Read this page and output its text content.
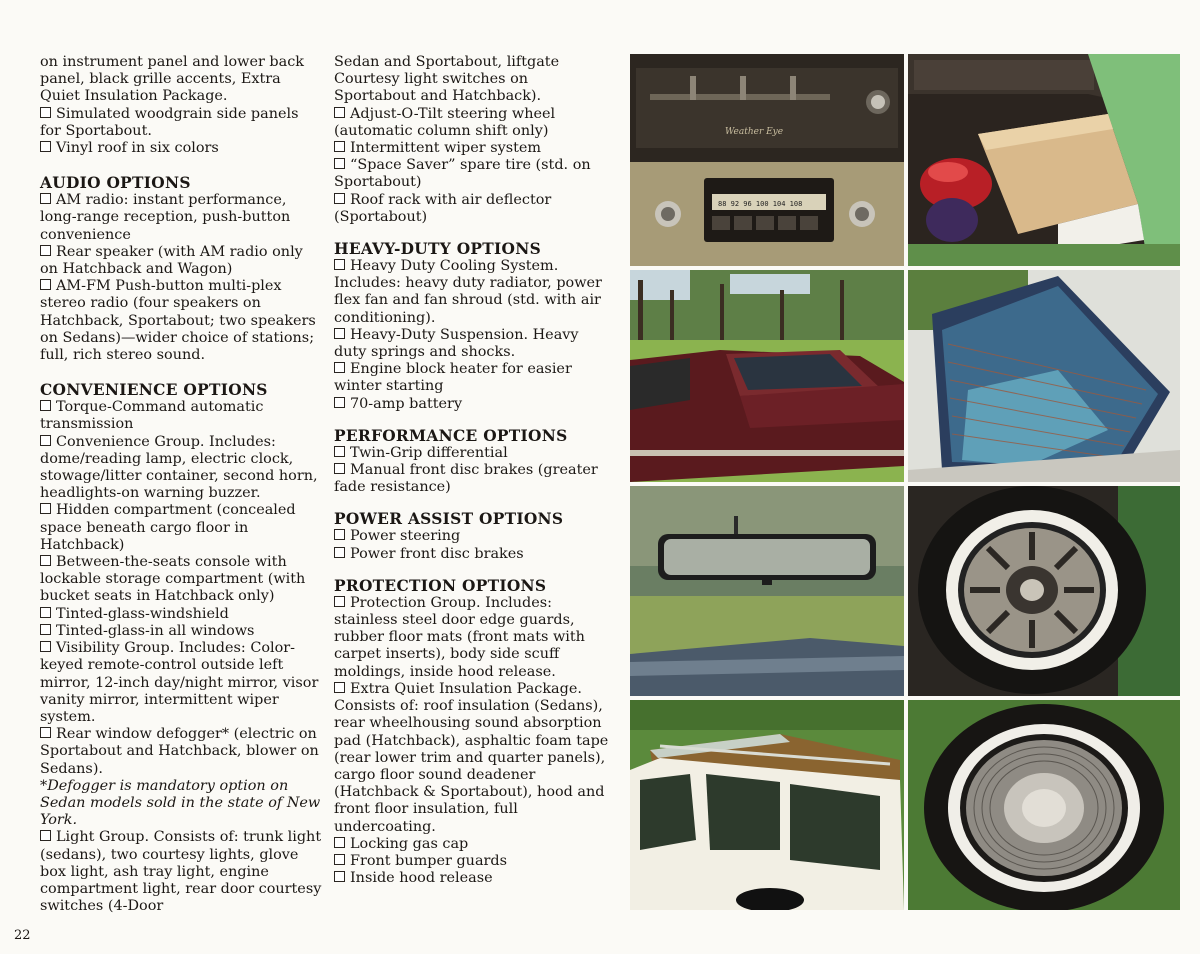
on instrument panel and lower back panel, black grille accents, Extra Quiet Insulation Package.

Simulated woodgrain side panels for Sportabout.

Vinyl roof in six colors

AUDIO OPTIONS

AM radio: instant performance, long-range reception, push-button convenience

Rear speaker (with AM radio only on Hatchback and Wagon)

AM-FM Push-button multi-plex stereo radio (four speakers on Hatchback, Sportabout; two speakers on Sedans)—wider choice of stations; full, rich stereo sound.

CONVENIENCE OPTIONS

Torque-Command automatic transmission

Convenience Group. Includes: dome/reading lamp, electric clock, stowage/litter container, second horn, headlights-on warning buzzer.

Hidden compartment (concealed space beneath cargo floor in Hatchback)

Between-the-seats console with lockable storage compartment (with bucket seats in Hatchback only)

Tinted-glass-windshield

Tinted-glass-in all windows

Visibility Group. Includes: Color-keyed remote-control outside left mirror, 12-inch day/night mirror, visor vanity mirror, intermittent wiper system.

Rear window defogger* (electric on Sportabout and Hatchback, blower on Sedans).

*Defogger is mandatory option on Sedan models sold in the state of New York.

Light Group. Consists of: trunk light (sedans), two courtesy lights, glove box light, ash tray light, engine compartment light, rear door courtesy switches (4-Door

Sedan and Sportabout, liftgate Courtesy light switches on Sportabout and Hatchback).

Adjust-O-Tilt steering wheel (automatic column shift only)

Intermittent wiper system

“Space Saver” spare tire (std. on Sportabout)

Roof rack with air deflector (Sportabout)

HEAVY-DUTY OPTIONS

Heavy Duty Cooling System. Includes: heavy duty radiator, power flex fan and fan shroud (std. with air conditioning).

Heavy-Duty Suspension. Heavy duty springs and shocks.

Engine block heater for easier winter starting

70-amp battery

PERFORMANCE OPTIONS

Twin-Grip differential

Manual front disc brakes (greater fade resistance)

POWER ASSIST OPTIONS

Power steering

Power front disc brakes

PROTECTION OPTIONS

Protection Group. Includes: stainless steel door edge guards, rubber floor mats (front mats with carpet inserts), body side scuff moldings, inside hood release.

Extra Quiet Insulation Package. Consists of: roof insulation (Sedans), rear wheelhousing sound absorption pad (Hatchback), asphaltic foam tape (rear lower trim and quarter panels), cargo floor sound deadener (Hatchback & Sportabout), hood and front floor insulation, full undercoating.

Locking gas cap

Front bumper guards

Inside hood release

22
Weather Eye
88 92 96 100 104 108
